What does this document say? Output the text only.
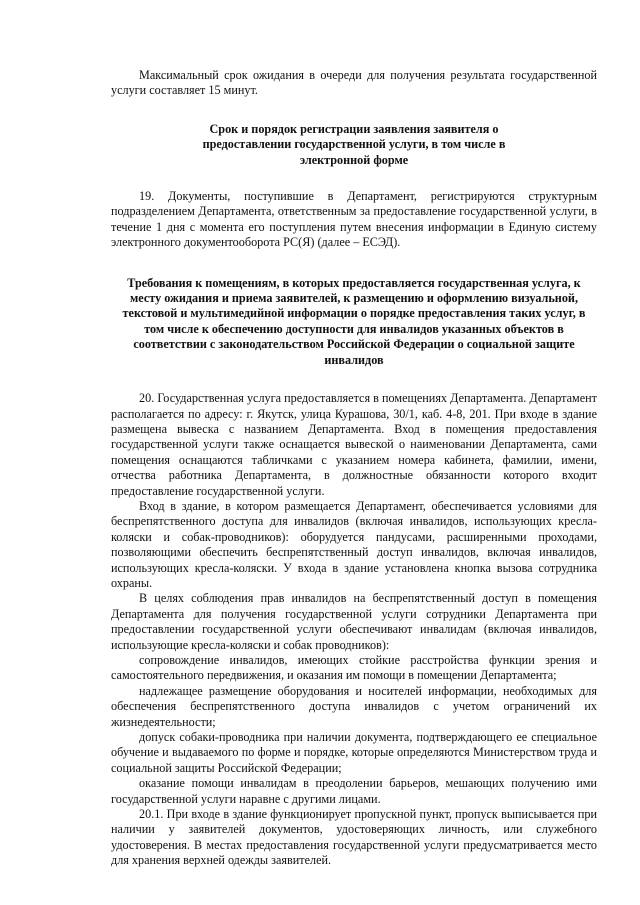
Максимальный срок ожидания в очереди для получения результата государственной услуги составляет 15 минут.

Срок и порядок регистрации заявления заявителя о предоставлении государственной услуги, в том числе в электронной форме

19. Документы, поступившие в Департамент, регистрируются структурным подразделением Департамента, ответственным за предоставление государственной услуги, в течение 1 дня с момента его поступления путем внесения информации в Единую систему электронного документооборота РС(Я) (далее – ЕСЭД).

Требования к помещениям, в которых предоставляется государственная услуга, к месту ожидания и приема заявителей, к размещению и оформлению визуальной, текстовой и мультимедийной информации о порядке предоставления таких услуг, в том числе к обеспечению доступности для инвалидов указанных объектов в соответствии с законодательством Российской Федерации о социальной защите инвалидов

20. Государственная услуга предоставляется в помещениях Департамента. Департамент располагается по адресу: г. Якутск, улица Курашова, 30/1, каб. 4-8, 201. При входе в здание размещена вывеска с названием Департамента. Вход в помещения предоставления государственной услуги также оснащается вывеской о наименовании Департамента, сами помещения оснащаются табличками с указанием номера кабинета, фамилии, имени, отчества работника Департамента, в должностные обязанности которого входит предоставление государственной услуги.

Вход в здание, в котором размещается Департамент, обеспечивается условиями для беспрепятственного доступа для инвалидов (включая инвалидов, использующих кресла-коляски и собак-проводников): оборудуется пандусами, расширенными проходами, позволяющими обеспечить беспрепятственный доступ инвалидов, включая инвалидов, использующих кресла-коляски. У входа в здание установлена кнопка вызова сотрудника охраны.

В целях соблюдения прав инвалидов на беспрепятственный доступ в помещения Департамента для получения государственной услуги сотрудники Департамента при предоставлении государственной услуги обеспечивают инвалидам (включая инвалидов, использующие кресла-коляски и собак проводников):

сопровождение инвалидов, имеющих стойкие расстройства функции зрения и самостоятельного передвижения, и оказания им помощи в помещении Департамента;

надлежащее размещение оборудования и носителей информации, необходимых для обеспечения беспрепятственного доступа инвалидов с учетом ограничений их жизнедеятельности;

допуск собаки-проводника при наличии документа, подтверждающего ее специальное обучение и выдаваемого по форме и порядке, которые определяются Министерством труда и социальной защиты Российской Федерации;

оказание помощи инвалидам в преодолении барьеров, мешающих получению ими государственной услуги наравне с другими лицами.

20.1. При входе в здание функционирует пропускной пункт, пропуск выписывается при наличии у заявителей документов, удостоверяющих личность, или служебного удостоверения. В местах предоставления государственной услуги предусматривается место для хранения верхней одежды заявителей.
